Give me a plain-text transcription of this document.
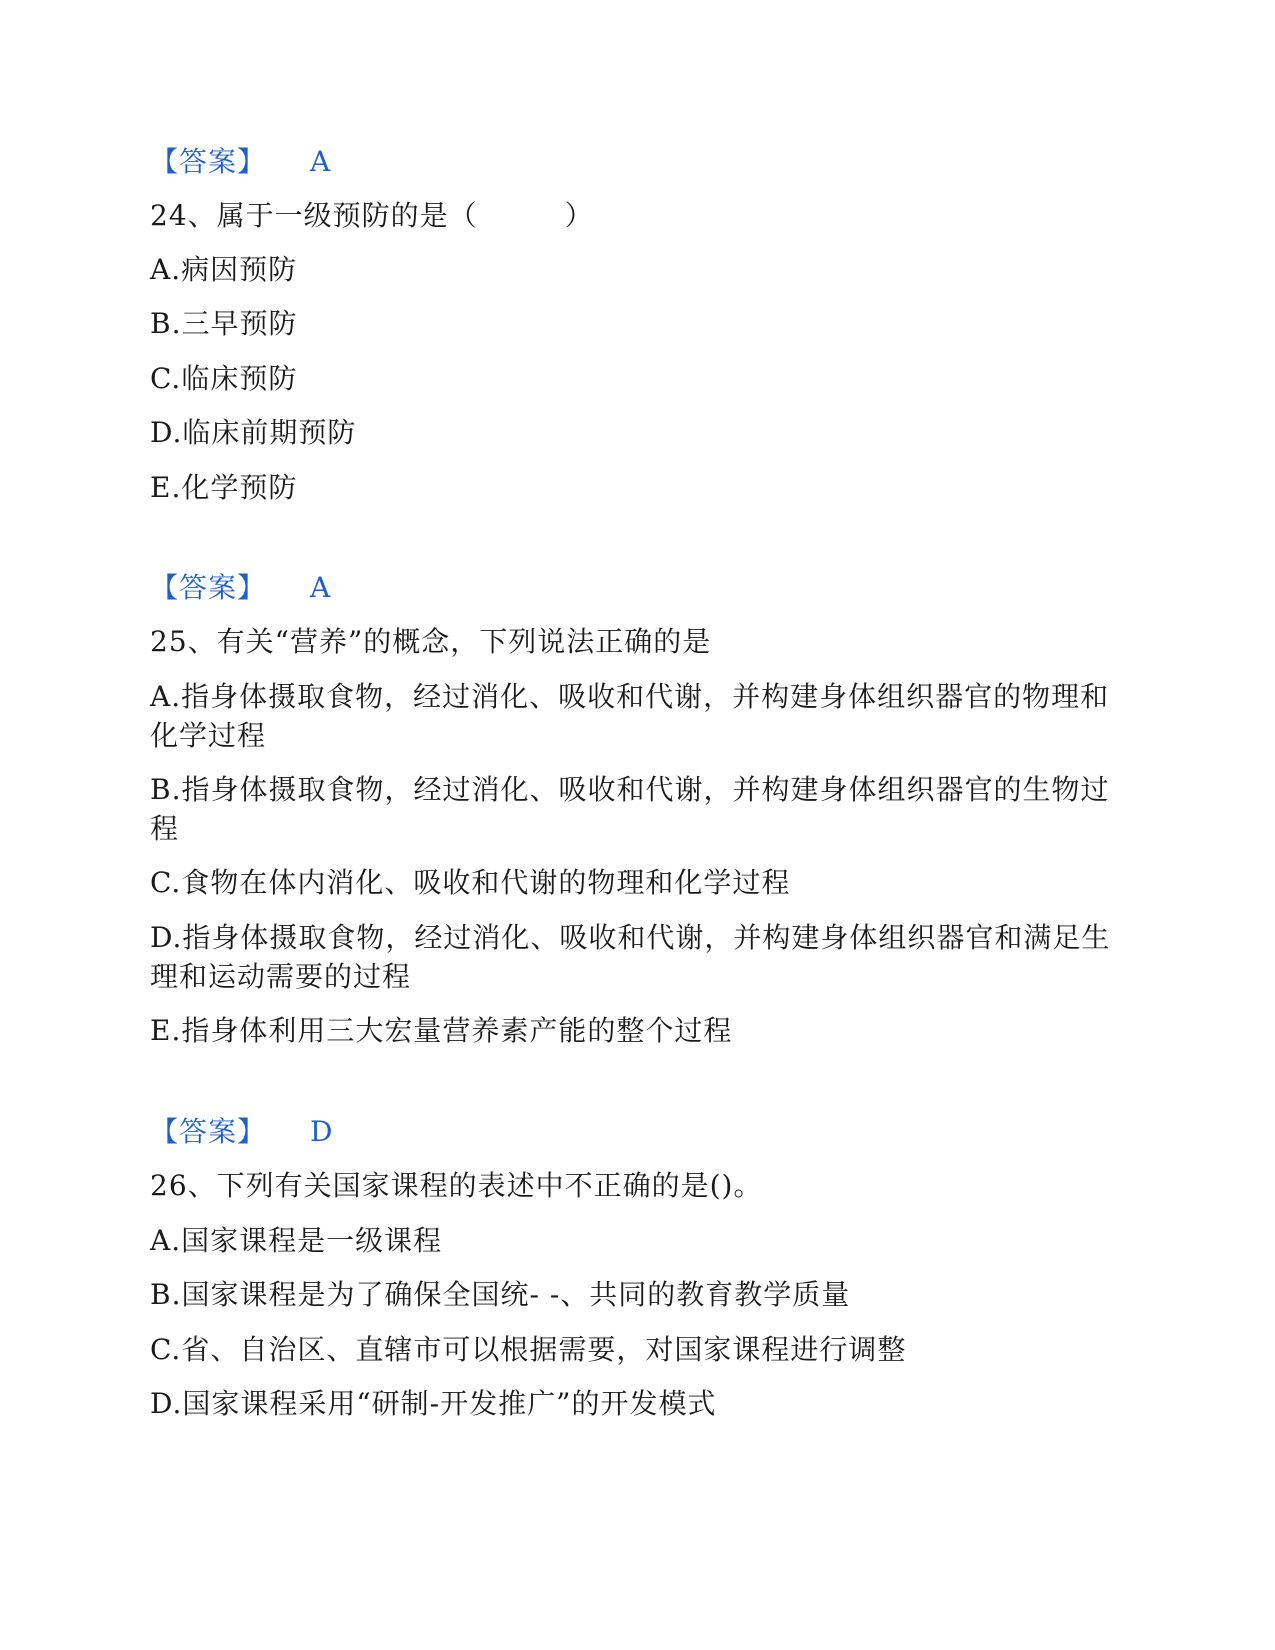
【答案】 A
24、属于一级预防的是（　　　）
A.病因预防
B.三早预防
C.临床预防
D.临床前期预防
E.化学预防
【答案】 A
25、有关“营养”的概念，下列说法正确的是
A.指身体摄取食物，经过消化、吸收和代谢，并构建身体组织器官的物理和
化学过程
B.指身体摄取食物，经过消化、吸收和代谢，并构建身体组织器官的生物过
程
C.食物在体内消化、吸收和代谢的物理和化学过程
D.指身体摄取食物，经过消化、吸收和代谢，并构建身体组织器官和满足生
理和运动需要的过程
E.指身体利用三大宏量营养素产能的整个过程
【答案】 D
26、下列有关国家课程的表述中不正确的是()。
A.国家课程是一级课程
B.国家课程是为了确保全国统- -、共同的教育教学质量
C.省、自治区、直辖市可以根据需要，对国家课程进行调整
D.国家课程采用“研制-开发推广”的开发模式
